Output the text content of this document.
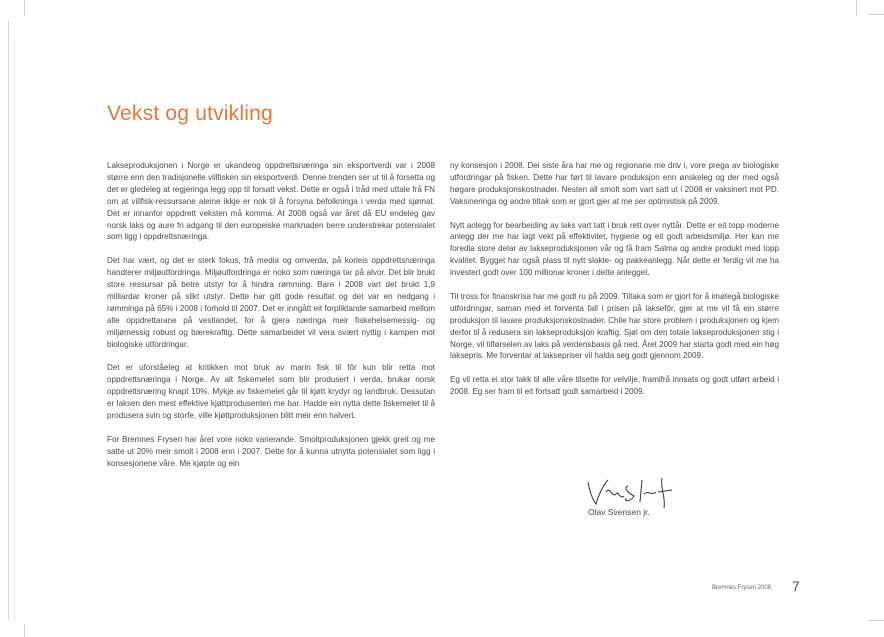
Vekst og utvikling

Lakseproduksjonen i Norge er ukandeog oppdrettsnæringa sin eksportverdi var i 2008 større enn den tradisjonelle villfisken sin eksportverdi. Denne trenden ser ut til å forsetta og det er gledeleg at regjeringa legg opp til forsatt vekst. Dette er også i tråd med uttale frå FN om at villfisk-ressursane aleine ikkje er nok til å forsyna befolkninga i verda med sjømat. Det er innanfor oppdrett veksten må komma. At 2008 også var året då EU endeleg gav norsk laks og aure fri adgang til den europeiske marknaden berre understrekar potensialet som ligg i oppdrettsnæringa.

Det har vært, og det er sterk fokus, frå media og omverda, på korleis oppdrettsnæringa handterer miljøutfordringa. Miljøutfordringa er noko som næringa tar på alvor. Det blir brukt store ressursar på betre utstyr for å hindra rømming. Bare i 2008 vart det brukt 1,9 milliardar kroner på slikt utstyr. Dette har gitt gode resultat og det var en nedgang i rømminga på 65% i 2008 i forhold til 2007. Det er inngått eit forpliktande samarbeid mellom alle oppdrettarane på vestlandet, for å gjera næringa meir fiskehelsemessig- og miljømessig robust og bærekraftig. Dette samarbeidet vil vera svært nyttig i kampen mot biologiske utfordringar.

Det er uforståeleg at kritikken mot bruk av marin fisk til fôr kun blir retta mot oppdrettsnæringa i Norge. Av alt fiskemelet som blir produsert i verda, brukar norsk oppdrettsnæring knapt 10%. Mykje av fiskemelet går til kjøtt krydyr og landbruk. Dessutan er laksen den mest effektive kjøttprodusenten me har. Hadde ein nytta dette fiskemelet til å produsera svin og storfe, ville kjøttproduksjonen blitt meir enn halvert.

For Bremnes Fryseri har året vore noko varierande. Smoltproduksjonen gjekk greit og me satte ut 20% meir smolt i 2008 enn i 2007. Dette for å kunna utnytta potensialet som ligg i konsesjonene våre. Me kjøpte og ein

ny konsesjon i 2008. Dei siste åra har me og regionane me driv i, vore prega av biologiske utfordringar på fisken. Dette har ført til lavare produksjon enn ønskeleg og der med også høgare produksjonskostnader. Nesten all smolt som vart satt ut i 2008 er vaksinert mot PD. Vaksineringa og andre tiltak som er gjort gjer at me ser optimistisk på 2009.

Nytt anlegg for bearbeiding av laks vart tatt i bruk rett over nyttår. Dette er eit topp moderne anlegg der me har lagt vekt på effektivitet, hygiene og eit godt arbeidsmiljø. Her kan me foredla store delar av lakseproduksjonen vår og få fram Salma og andre produkt med topp kvalitet. Bygget har også plass til nytt slakte- og pakkeanlegg. Når dette er ferdig vil me ha investert godt over 100 millionar kroner i dette anlegget.

Til tross for finanskrisa har me godt ru på 2009. Tiltaka som er gjort for å imøtegå biologiske utfordringar, saman med et forventa fall i prisen på laksefôr, gjer at me vil få ein større produksjon til lavare produksjonskostnader. Chile har store problem i produksjonen og kjem derfor til å redusera sin lakseproduksjon kraftig. Sjøl om den totale lakseproduksjonen stig i Norge, vil tilførselen av laks på verdensbasis gå ned. Året 2009 har starta godt med ein høg laksepris. Me forventar at laksepriser vil halda seg godt gjennom 2009.

Eg vil retta ei stor takk til alle våre tilsette for velvilje, framifrå innsats og godt utført arbeid i 2008. Eg ser fram til eit fortsatt godt samarbeid i 2009.

Olav Svensen jr.
Bremnes Fryseri 2008 7
